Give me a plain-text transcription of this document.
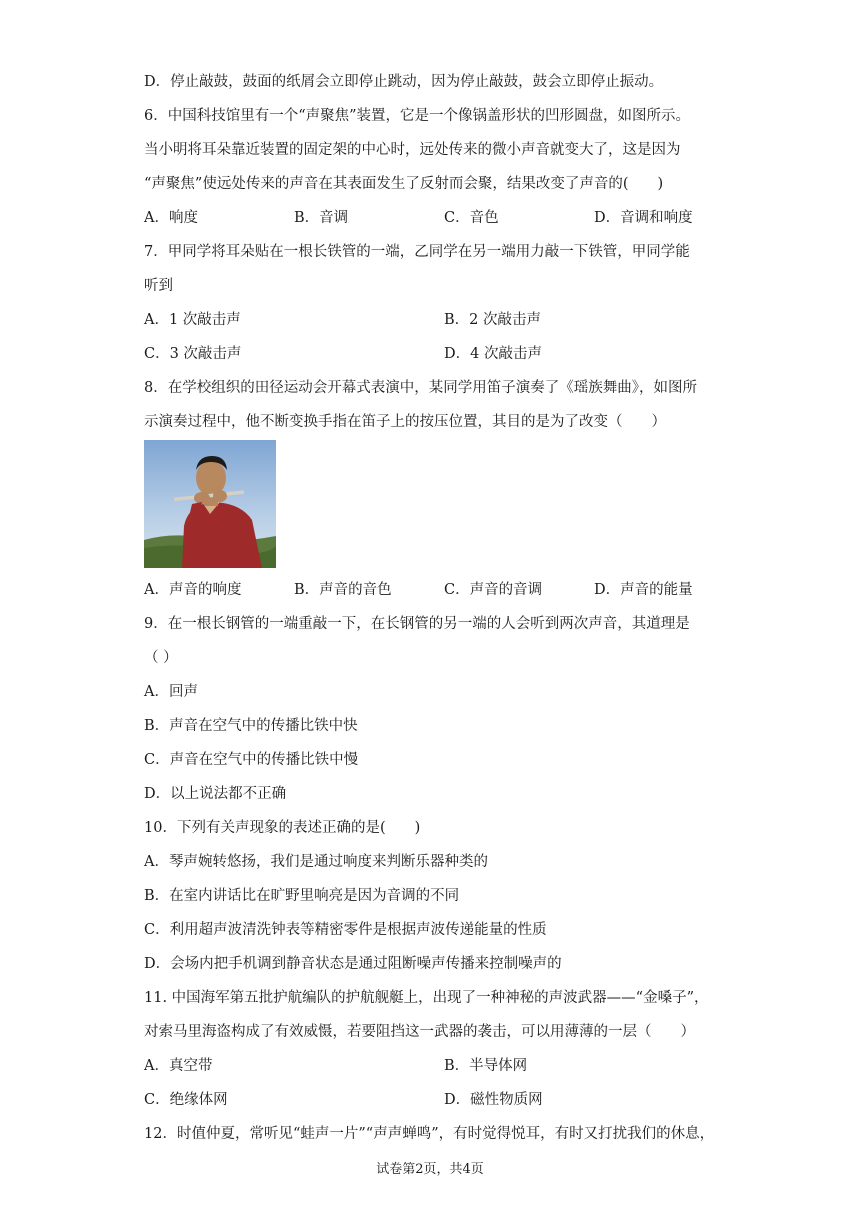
D．停止敲鼓，鼓面的纸屑会立即停止跳动，因为停止敲鼓，鼓会立即停止振动。
6．中国科技馆里有一个“声聚焦”装置，它是一个像锅盖形状的凹形圆盘，如图所示。
当小明将耳朵靠近装置的固定架的中心时，远处传来的微小声音就变大了，这是因为
“声聚焦”使远处传来的声音在其表面发生了反射而会聚，结果改变了声音的(　　)
A．响度	B．音调	C．音色	D．音调和响度
7．甲同学将耳朵贴在一根长铁管的一端，乙同学在另一端用力敲一下铁管，甲同学能
听到
A．1 次敲击声	B．2 次敲击声
C．3 次敲击声	D．4 次敲击声
8．在学校组织的田径运动会开幕式表演中，某同学用笛子演奏了《瑶族舞曲》，如图所
示演奏过程中，他不断变换手指在笛子上的按压位置，其目的是为了改变（　　）
A．声音的响度	B．声音的音色	C．声音的音调	D．声音的能量
9．在一根长钢管的一端重敲一下，在长钢管的另一端的人会听到两次声音，其道理是
（ ）
A．回声
B．声音在空气中的传播比铁中快
C．声音在空气中的传播比铁中慢
D．以上说法都不正确
10．下列有关声现象的表述正确的是(　　)
A．琴声婉转悠扬，我们是通过响度来判断乐器种类的
B．在室内讲话比在旷野里响亮是因为音调的不同
C．利用超声波清洗钟表等精密零件是根据声波传递能量的性质
D．会场内把手机调到静音状态是通过阻断噪声传播来控制噪声的
11. 中国海军第五批护航编队的护航舰艇上，出现了一种神秘的声波武器——“金嗓子”，
对索马里海盗构成了有效威慑，若要阻挡这一武器的袭击，可以用薄薄的一层（　　）
A．真空带	B．半导体网
C．绝缘体网	D．磁性物质网
12．时值仲夏，常听见“蛙声一片”“声声蝉鸣”，有时觉得悦耳，有时又打扰我们的休息，
试卷第2页，共4页
